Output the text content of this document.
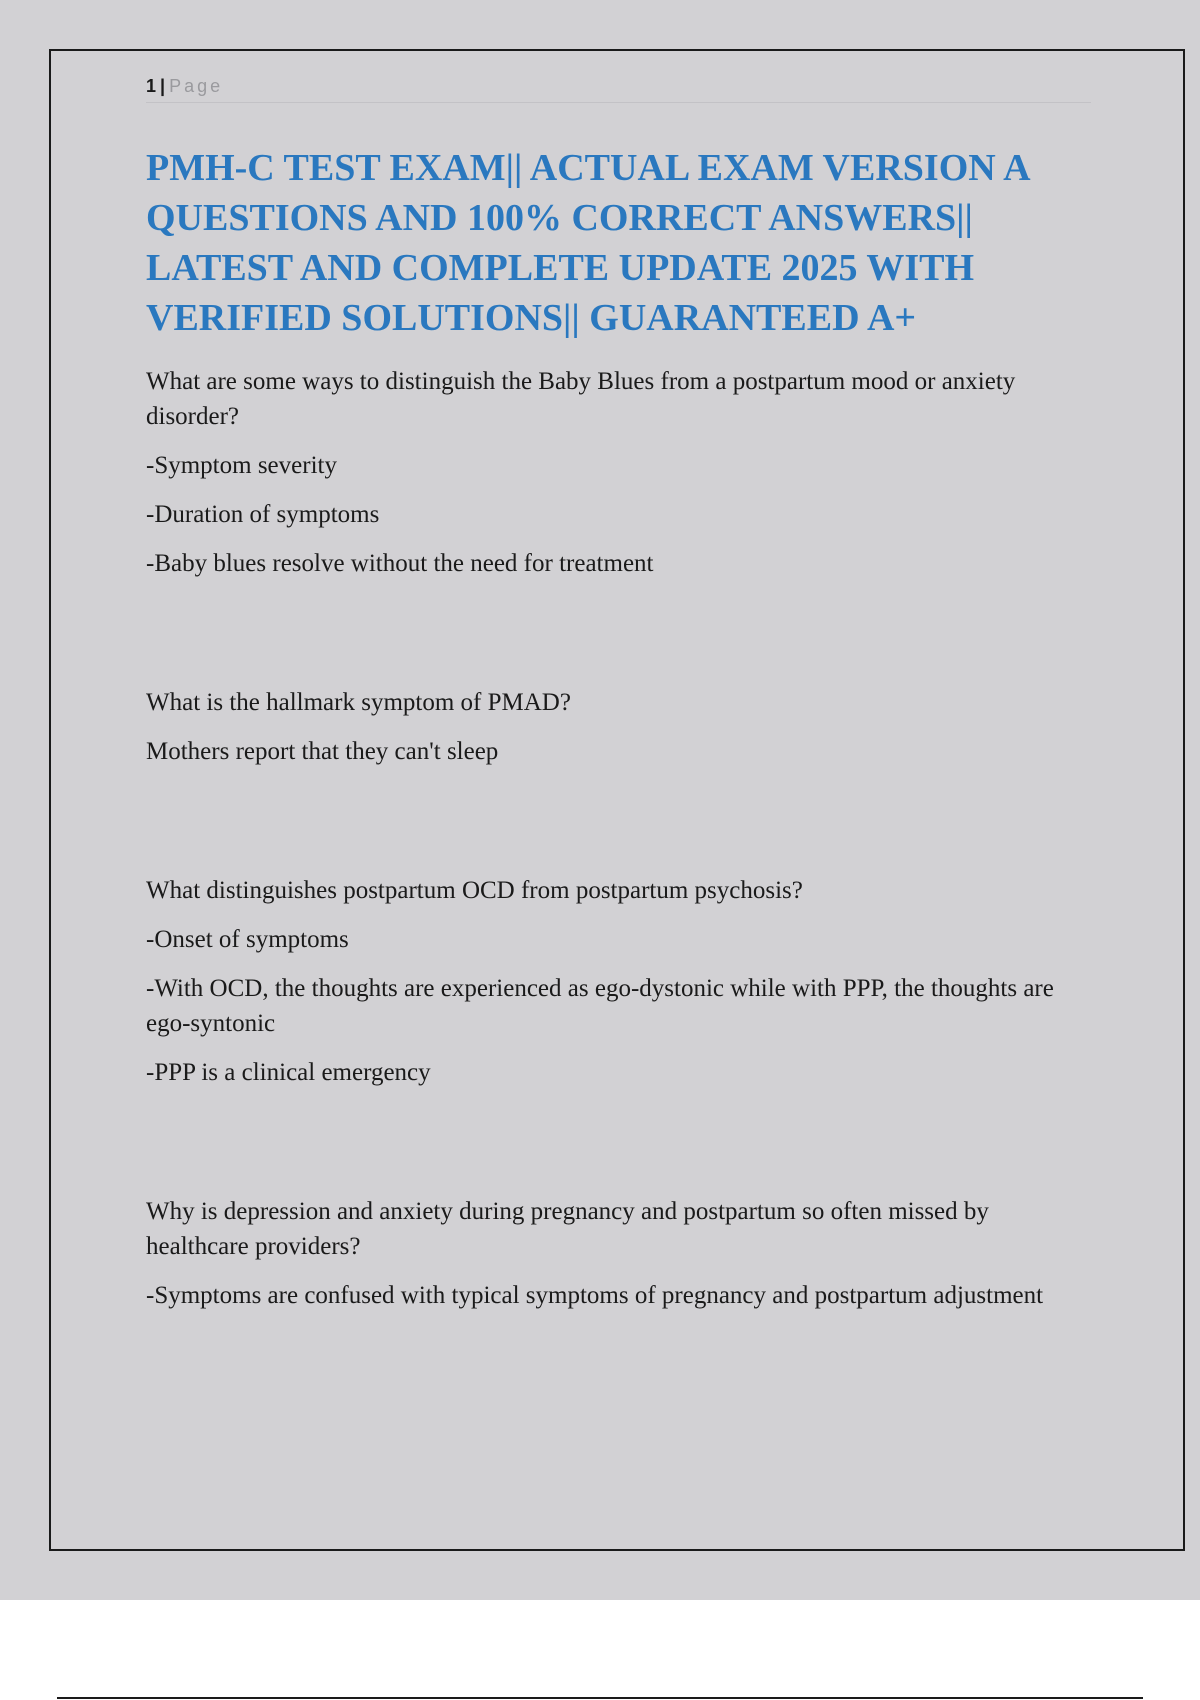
1 | Page
PMH-C TEST EXAM|| ACTUAL EXAM VERSION A QUESTIONS AND 100% CORRECT ANSWERS|| LATEST AND COMPLETE UPDATE 2025 WITH VERIFIED SOLUTIONS|| GUARANTEED A+

What are some ways to distinguish the Baby Blues from a postpartum mood or anxiety disorder?

-Symptom severity

-Duration of symptoms

-Baby blues resolve without the need for treatment

What is the hallmark symptom of PMAD?

Mothers report that they can't sleep

What distinguishes postpartum OCD from postpartum psychosis?

-Onset of symptoms

-With OCD, the thoughts are experienced as ego-dystonic while with PPP, the thoughts are ego-syntonic

-PPP is a clinical emergency

Why is depression and anxiety during pregnancy and postpartum so often missed by healthcare providers?

-Symptoms are confused with typical symptoms of pregnancy and postpartum adjustment
